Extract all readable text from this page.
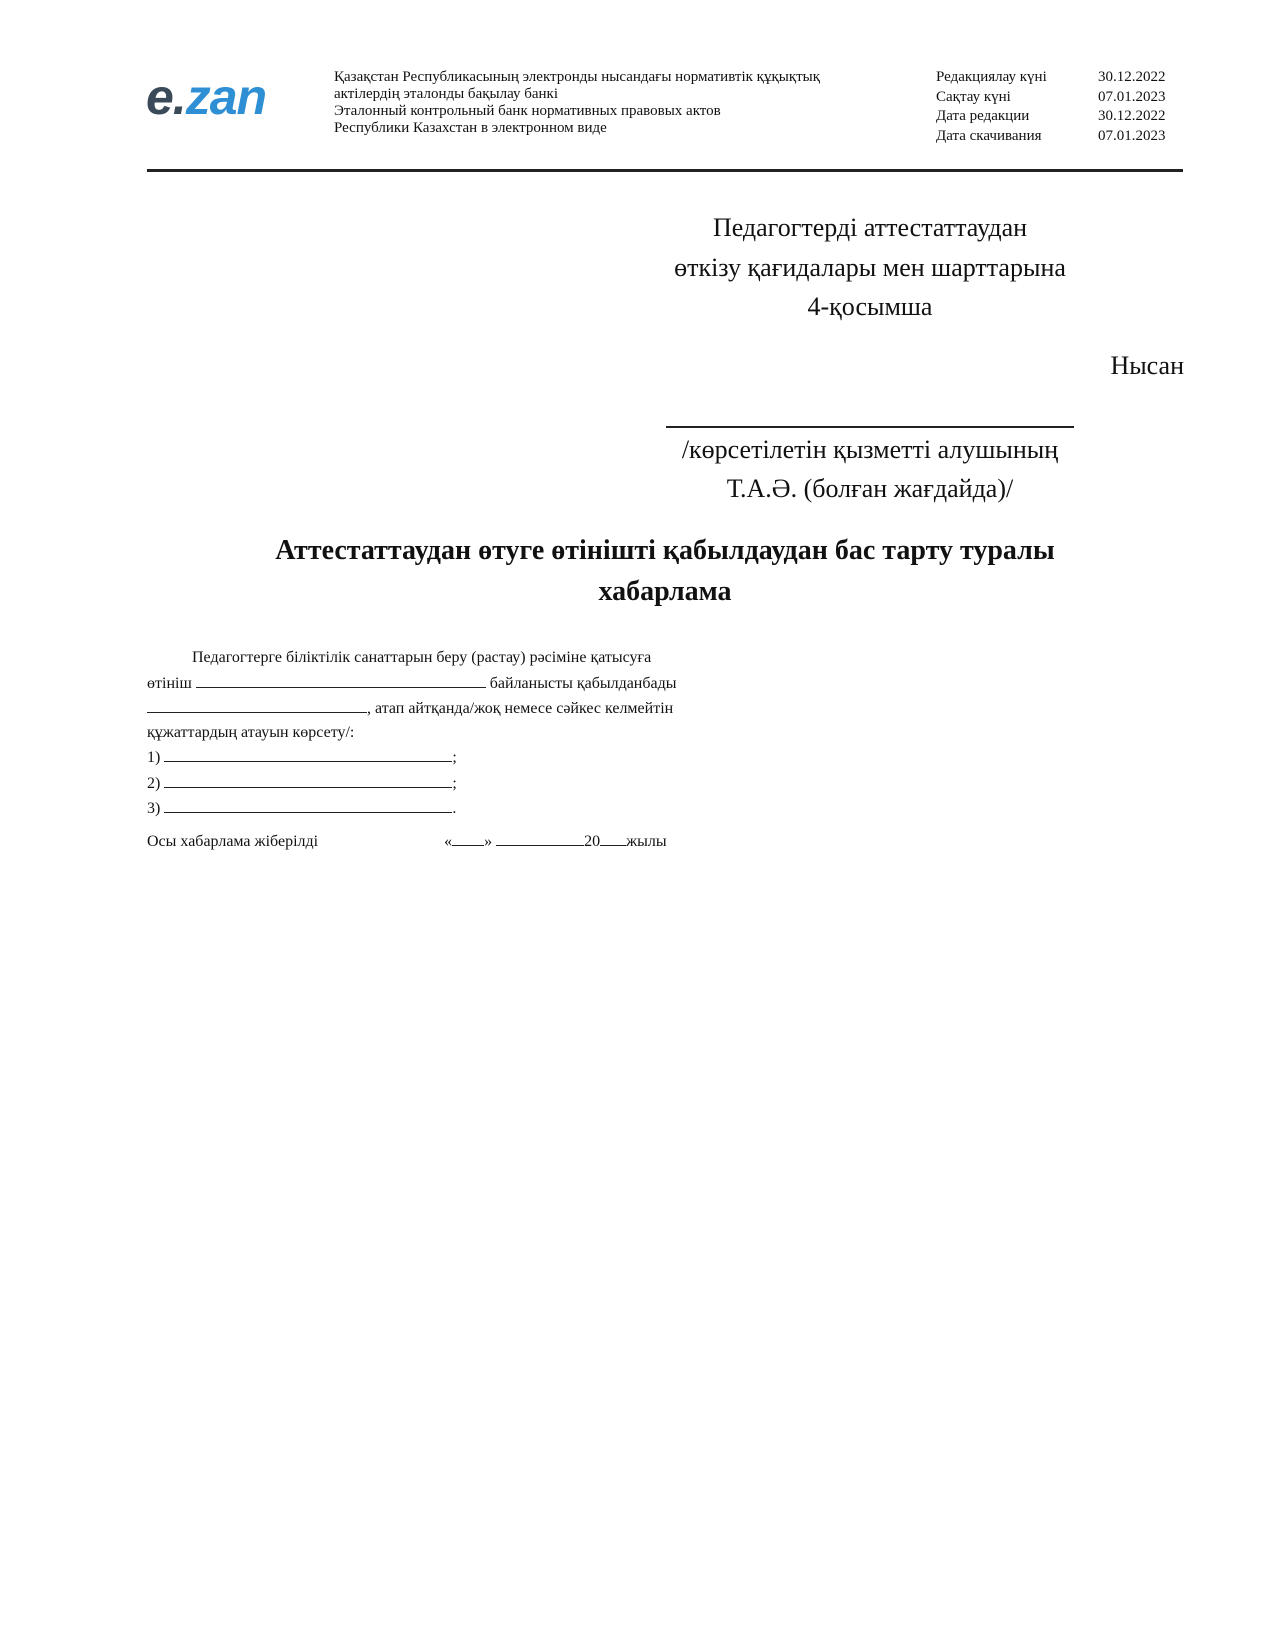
e.zan	Қазақстан Республикасының электронды нысандағы нормативтік құқықтық
актілердің эталонды бақылау банкі
Эталонный контрольный банк нормативных правовых актов
Республики Казахстан в электронном виде
Редакциялау күні	30.12.2022
Сақтау күні	07.01.2023
Дата редакции	30.12.2022
Дата скачивания	07.01.2023
Педагогтерді аттестаттаудан
өткізу қағидалары мен шарттарына
4-қосымша
Нысан
/көрсетілетін қызметті алушының
Т.А.Ә. (болған жағдайда)/
Аттестаттаудан өтуге өтінішті қабылдаудан бас тарту туралы
хабарлама
Педагогтерге біліктілік санаттарын беру (растау) рәсіміне қатысуға
өтініш	байланысты қабылданбады
, атап айтқанда/жоқ немесе сәйкес келмейтін
құжаттардың атауын көрсету/:
1)	;
2)	;
3)	.
Осы хабарлама жіберілді	« »	20 жылы
